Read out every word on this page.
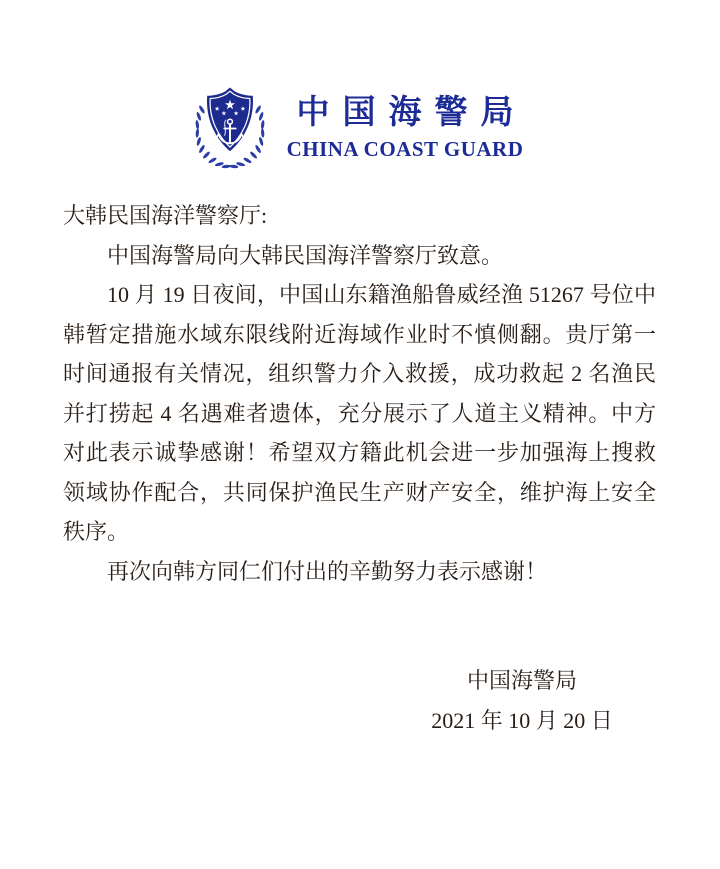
中国海警局
CHINA COAST GUARD

大韩民国海洋警察厅:

中国海警局向大韩民国海洋警察厅致意。

10 月 19 日夜间，中国山东籍渔船鲁威经渔 51267 号位中韩暂定措施水域东限线附近海域作业时不慎侧翻。贵厅第一时间通报有关情况，组织警力介入救援，成功救起 2 名渔民并打捞起 4 名遇难者遗体，充分展示了人道主义精神。中方对此表示诚挚感谢！希望双方籍此机会进一步加强海上搜救领域协作配合，共同保护渔民生产财产安全，维护海上安全秩序。

再次向韩方同仁们付出的辛勤努力表示感谢！

中国海警局
2021 年 10 月 20 日
